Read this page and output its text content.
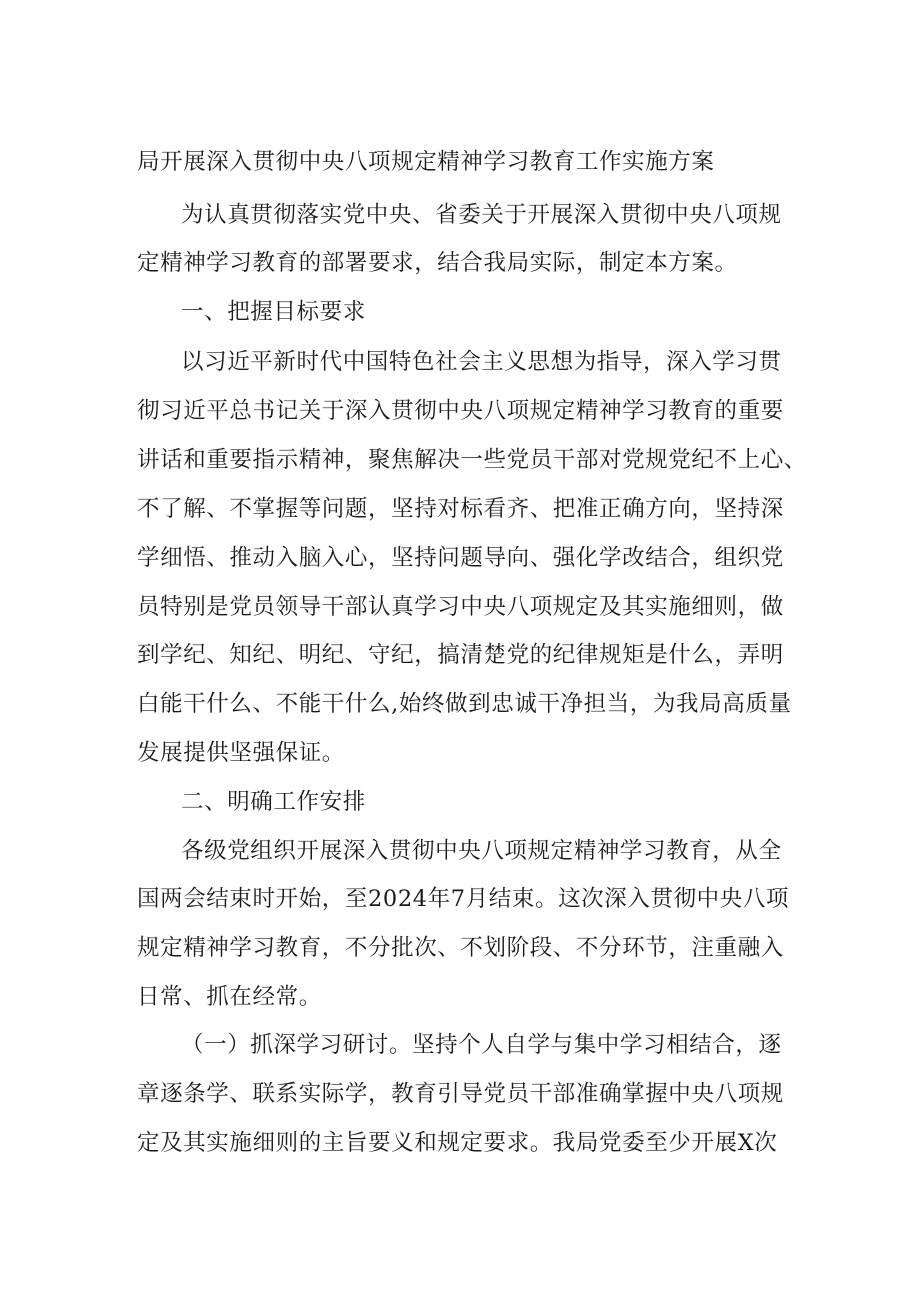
局开展深入贯彻中央八项规定精神学习教育工作实施方案

为认真贯彻落实党中央、省委关于开展深入贯彻中央八项规

定精神学习教育的部署要求，结合我局实际，制定本方案。

一、把握目标要求

以习近平新时代中国特色社会主义思想为指导，深入学习贯

彻习近平总书记关于深入贯彻中央八项规定精神学习教育的重要

讲话和重要指示精神，聚焦解决一些党员干部对党规党纪不上心、

不了解、不掌握等问题，坚持对标看齐、把准正确方向，坚持深

学细悟、推动入脑入心，坚持问题导向、强化学改结合，组织党

员特别是党员领导干部认真学习中央八项规定及其实施细则，做

到学纪、知纪、明纪、守纪，搞清楚党的纪律规矩是什么，弄明

白能干什么、不能干什么,始终做到忠诚干净担当，为我局高质量

发展提供坚强保证。

二、明确工作安排

各级党组织开展深入贯彻中央八项规定精神学习教育，从全

国两会结束时开始，至2024年7月结束。这次深入贯彻中央八项

规定精神学习教育，不分批次、不划阶段、不分环节，注重融入

日常、抓在经常。

（一）抓深学习研讨。坚持个人自学与集中学习相结合，逐

章逐条学、联系实际学，教育引导党员干部准确掌握中央八项规

定及其实施细则的主旨要义和规定要求。我局党委至少开展X次
